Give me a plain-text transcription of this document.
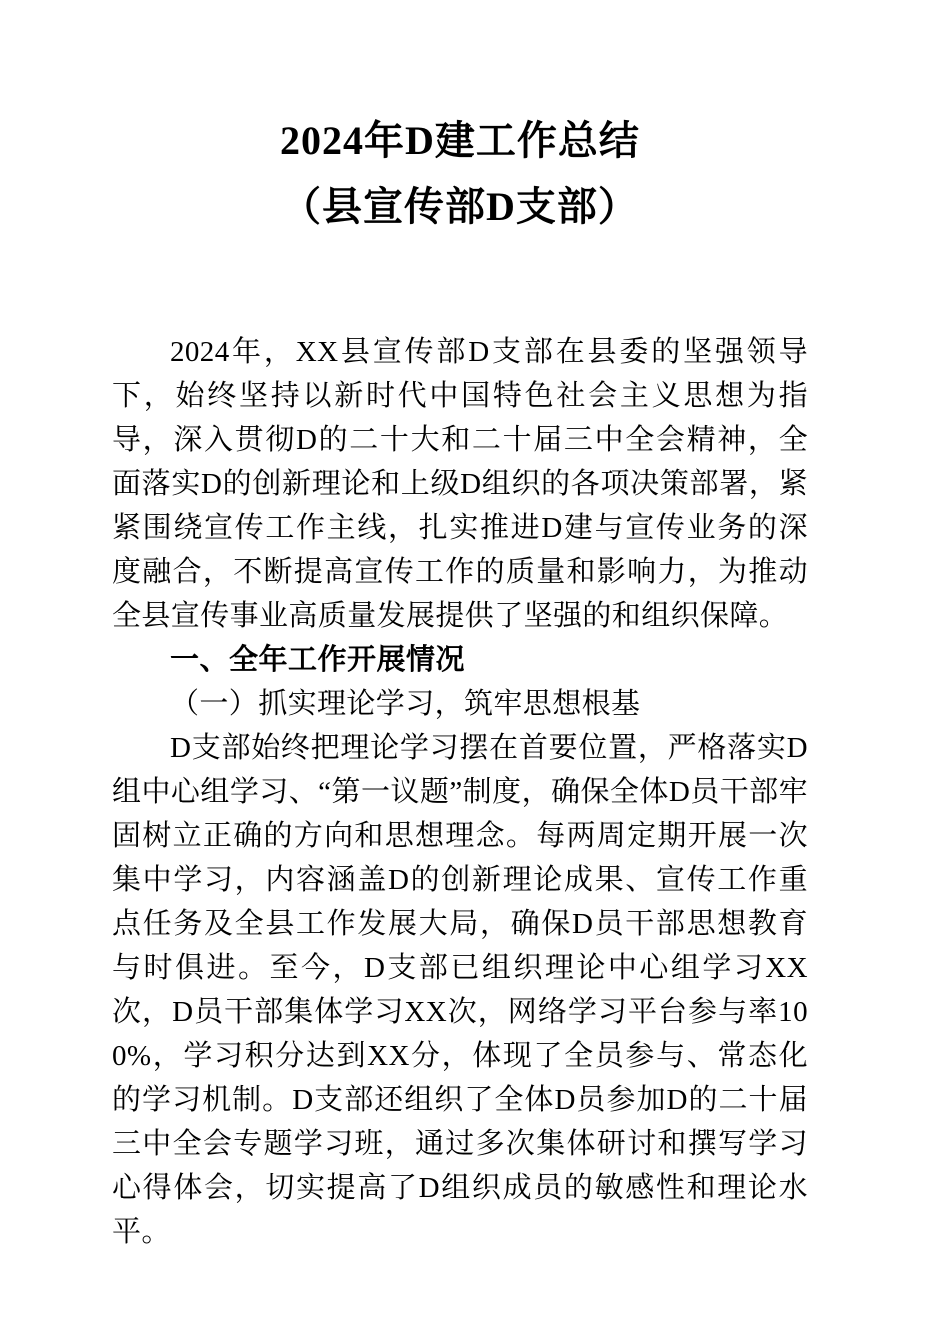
2024年D建工作总结
（县宣传部D支部）

2024年，XX县宣传部D支部在县委的坚强领导下，始终坚持以新时代中国特色社会主义思想为指导，深入贯彻D的二十大和二十届三中全会精神，全面落实D的创新理论和上级D组织的各项决策部署，紧紧围绕宣传工作主线，扎实推进D建与宣传业务的深度融合，不断提高宣传工作的质量和影响力，为推动全县宣传事业高质量发展提供了坚强的和组织保障。

一、全年工作开展情况

（一）抓实理论学习，筑牢思想根基

D支部始终把理论学习摆在首要位置，严格落实D组中心组学习、“第一议题”制度，确保全体D员干部牢固树立正确的方向和思想理念。每两周定期开展一次集中学习，内容涵盖D的创新理论成果、宣传工作重点任务及全县工作发展大局，确保D员干部思想教育与时俱进。至今，D支部已组织理论中心组学习XX次，D员干部集体学习XX次，网络学习平台参与率100%，学习积分达到XX分，体现了全员参与、常态化的学习机制。D支部还组织了全体D员参加D的二十届三中全会专题学习班，通过多次集体研讨和撰写学习心得体会，切实提高了D组织成员的敏感性和理论水平。
